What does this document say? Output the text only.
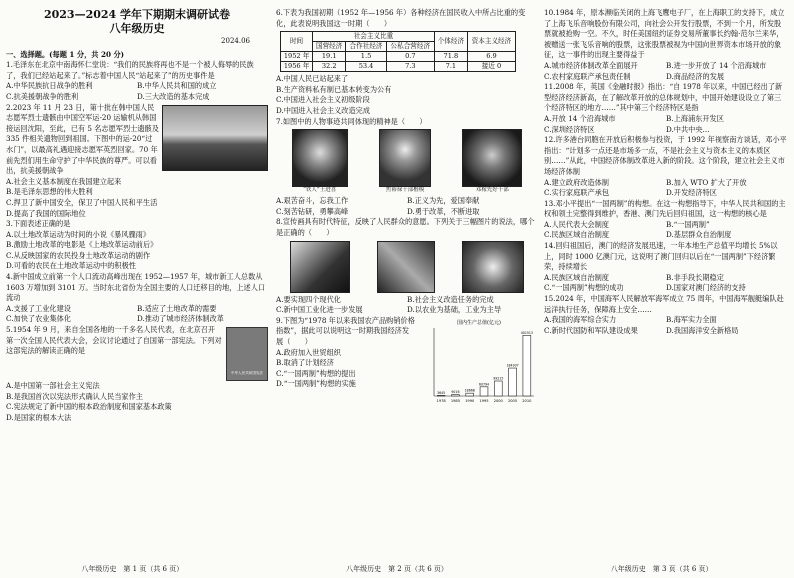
2023—2024 学年下期期末调研试卷

八年级历史

2024.06

一、选择题。(每题 1 分，共 20 分)

1.毛泽东在北京中南海怀仁堂说：“我们的民族将再也不是一个被人侮辱的民族了，我们已经站起来了。”标志着中国人民“站起来了”的历史事件是

A.中华民族抗日战争的胜利	B.中华人民共和国的成立
C.抗美援朝战争的胜利	D.三大改造的基本完成

2.2023 年 11 月 23 日，第十批在韩中国人民志愿军烈士遗骸由中国空军运-20 运输机从韩国接运回沈阳，至此，已有 5 名志愿军烈士遗骸及 335 件相关遗物回到祖国。下图中的运-20“过水门”，以最高礼遇迎接志愿军英烈回家。70 年前先烈们用生命守护了中华民族的尊严。可以看出，抗美援朝战争

A.社会主义基本制度在我国建立起来

B.是毛泽东思想的伟大胜利

C.捍卫了新中国安全，保卫了中国人民和平生活

D.提高了我国的国际地位

3.下面表述正确的是

A.以土地改革运动为时间的小说《暴风骤雨》

B.激励土地改革的电影是《上地改革运动前后》

C.从反映国家的农民投身土地改革运动的剧作

D.可看的农民在土地改革运动中的积极性

4.新中国成立前第一个人口流动高峰出现在 1952—1957 年，城市新工人总数从 1603 万增加到 3101 万。当时东北省份为全国主要的人口迁移目的地，上述人口流动

A.支援了工业化建设	B.适应了土地改革的需要
C.加快了农业集体化	D.推动了城市经济体制改革

5.1954 年 9 月，来自全国各地的一千多名人民代表，在北京召开第一次全国人民代表大会，会议讨论通过了自国第一部宪法。下列对这部宪法的解读正确的是

中华人民共和国宪法

A.是中国第一部社会主义宪法

B.是我国首次以宪法形式确认人民当家作主

C.宪法规定了新中国的根本政治制度和国家基本政策

D.是国家的根本大法

6.下表为我国初期（1952 年—1956 年）各种经济在国民收入中所占比重的变化，此表说明我国这一时期（　　）

时间	社会主义比重			个体经济	资本主义经济
	国营经济	合作社经济	公私合营经济		
1952 年	19.1	1.5	0.7	71.8	6.9
1956 年	32.2	53.4	7.3	7.1	接近 0

A.中国人民已站起来了

B.生产资料私有制已基本转变为公有

C.中国进入社会主义初级阶段

D.中国进入社会主义改造完成

7.如图中的人物事迹共同体现的精神是（　　）

“铁人”王进喜	焦裕禄干部楷模	邓稼先好干部
A.艰苦奋斗，忘我工作	B.正义为先，爱国奉献
C.刻苦钻研，勇攀高峰	D.勇于改革，不断进取

8.宣传画具有时代特征，反映了人民群众的意愿。下列关于三幅图片的说法，哪个是正确的（　　）

A.要实现四个现代化	B.社会主义改造任务的完成
C.新中国工业化进一步发展	D.以农业为基础，工业为主导

9.下图为“1978 年以来我国农产品购销价格指数”，据此可以说明这一时期我国经济发展（　　）

A.政府加入世贸组织

B.取消了计划经济

C.“一国两制”构想的提出

D.“一国两制”构想的实施

国内生产总值(亿元)
1978
3645
1985
9016
1990
18668
1995
60794
2000
99215
2005
184937
2010
401513

10.1984 年，原本濒临关闭的上海飞鹰电子厂，在上海职工的支持下，成立了上海飞乐音响股份有限公司，向社会公开发行股票，不到一个月，所发股票就被抢购一空。不久，时任美国纽约证券交易所董事长约翰·范尔兰来华，被赠送一张飞乐音响的股票，这张股票被视为中国向世界资本市场开放的象征，这一事件的出现主要得益于

A.城市经济体制改革全面展开	B.进一步开放了 14 个沿海城市
C.农村家庭联产承包责任制	D.商品经济的发展

11.2008 年，英国《金融时报》指出：“自 1978 年以来，中国已经出了新型经济经济新高，在了解改革开放的总体规划中，中国开始建设设立了第三个经济特区的地方……”其中第三个经济特区是指

A.开放 14 个沿海城市	B.上海浦东开发区
C.深圳经济特区	D.中共中央...

12.许多港台同胞在开放后积极参与投资，于 1992 年视察南方谈话，邓小平指出：“计划多一点还是市场多一点，不是社会主义与资本主义的本质区别……”从此，中国经济体制改革进入新的阶段。这个阶段，建立社会主义市场经济体制

A.建立政府改造体制	B.加入 WTO 扩大了开放
C.实行家庭联产承包	D.开发经济特区

13.邓小平提出“一国两制”的构想。在这一构想指导下，中华人民共和国的主权和领土完整得到维护，香港、澳门先后回归祖国，这一构想的核心是

A.人民代表大会制度	B.“一国两制”
C.民族区域自治制度	D.基层群众自治制度

14.回归祖国后，澳门的经济发展迅速，一年本地生产总值平均增长 5%以上，同时 1000 亿澳门元，这说明了澳门回归以后在“一国两制”下经济繁荣，持续增长

A.民族区域自治制度	B.非手段长期稳定
C.“一国两制”构想的成功	D.国家对澳门经济的支持

15.2024 年，中国海军人民解放军海军成立 75 周年，中国海军舰艇编队赴远洋执行任务，保障海上安全……

A.我国的海军综合实力	B.海军实力全面
C.新时代国防和军队建设成果	D.我国海洋安全新格局
八年级历史　第 1 页（共 6 页）	八年级历史　第 2 页（共 6 页）	八年级历史　第 3 页（共 6 页）
